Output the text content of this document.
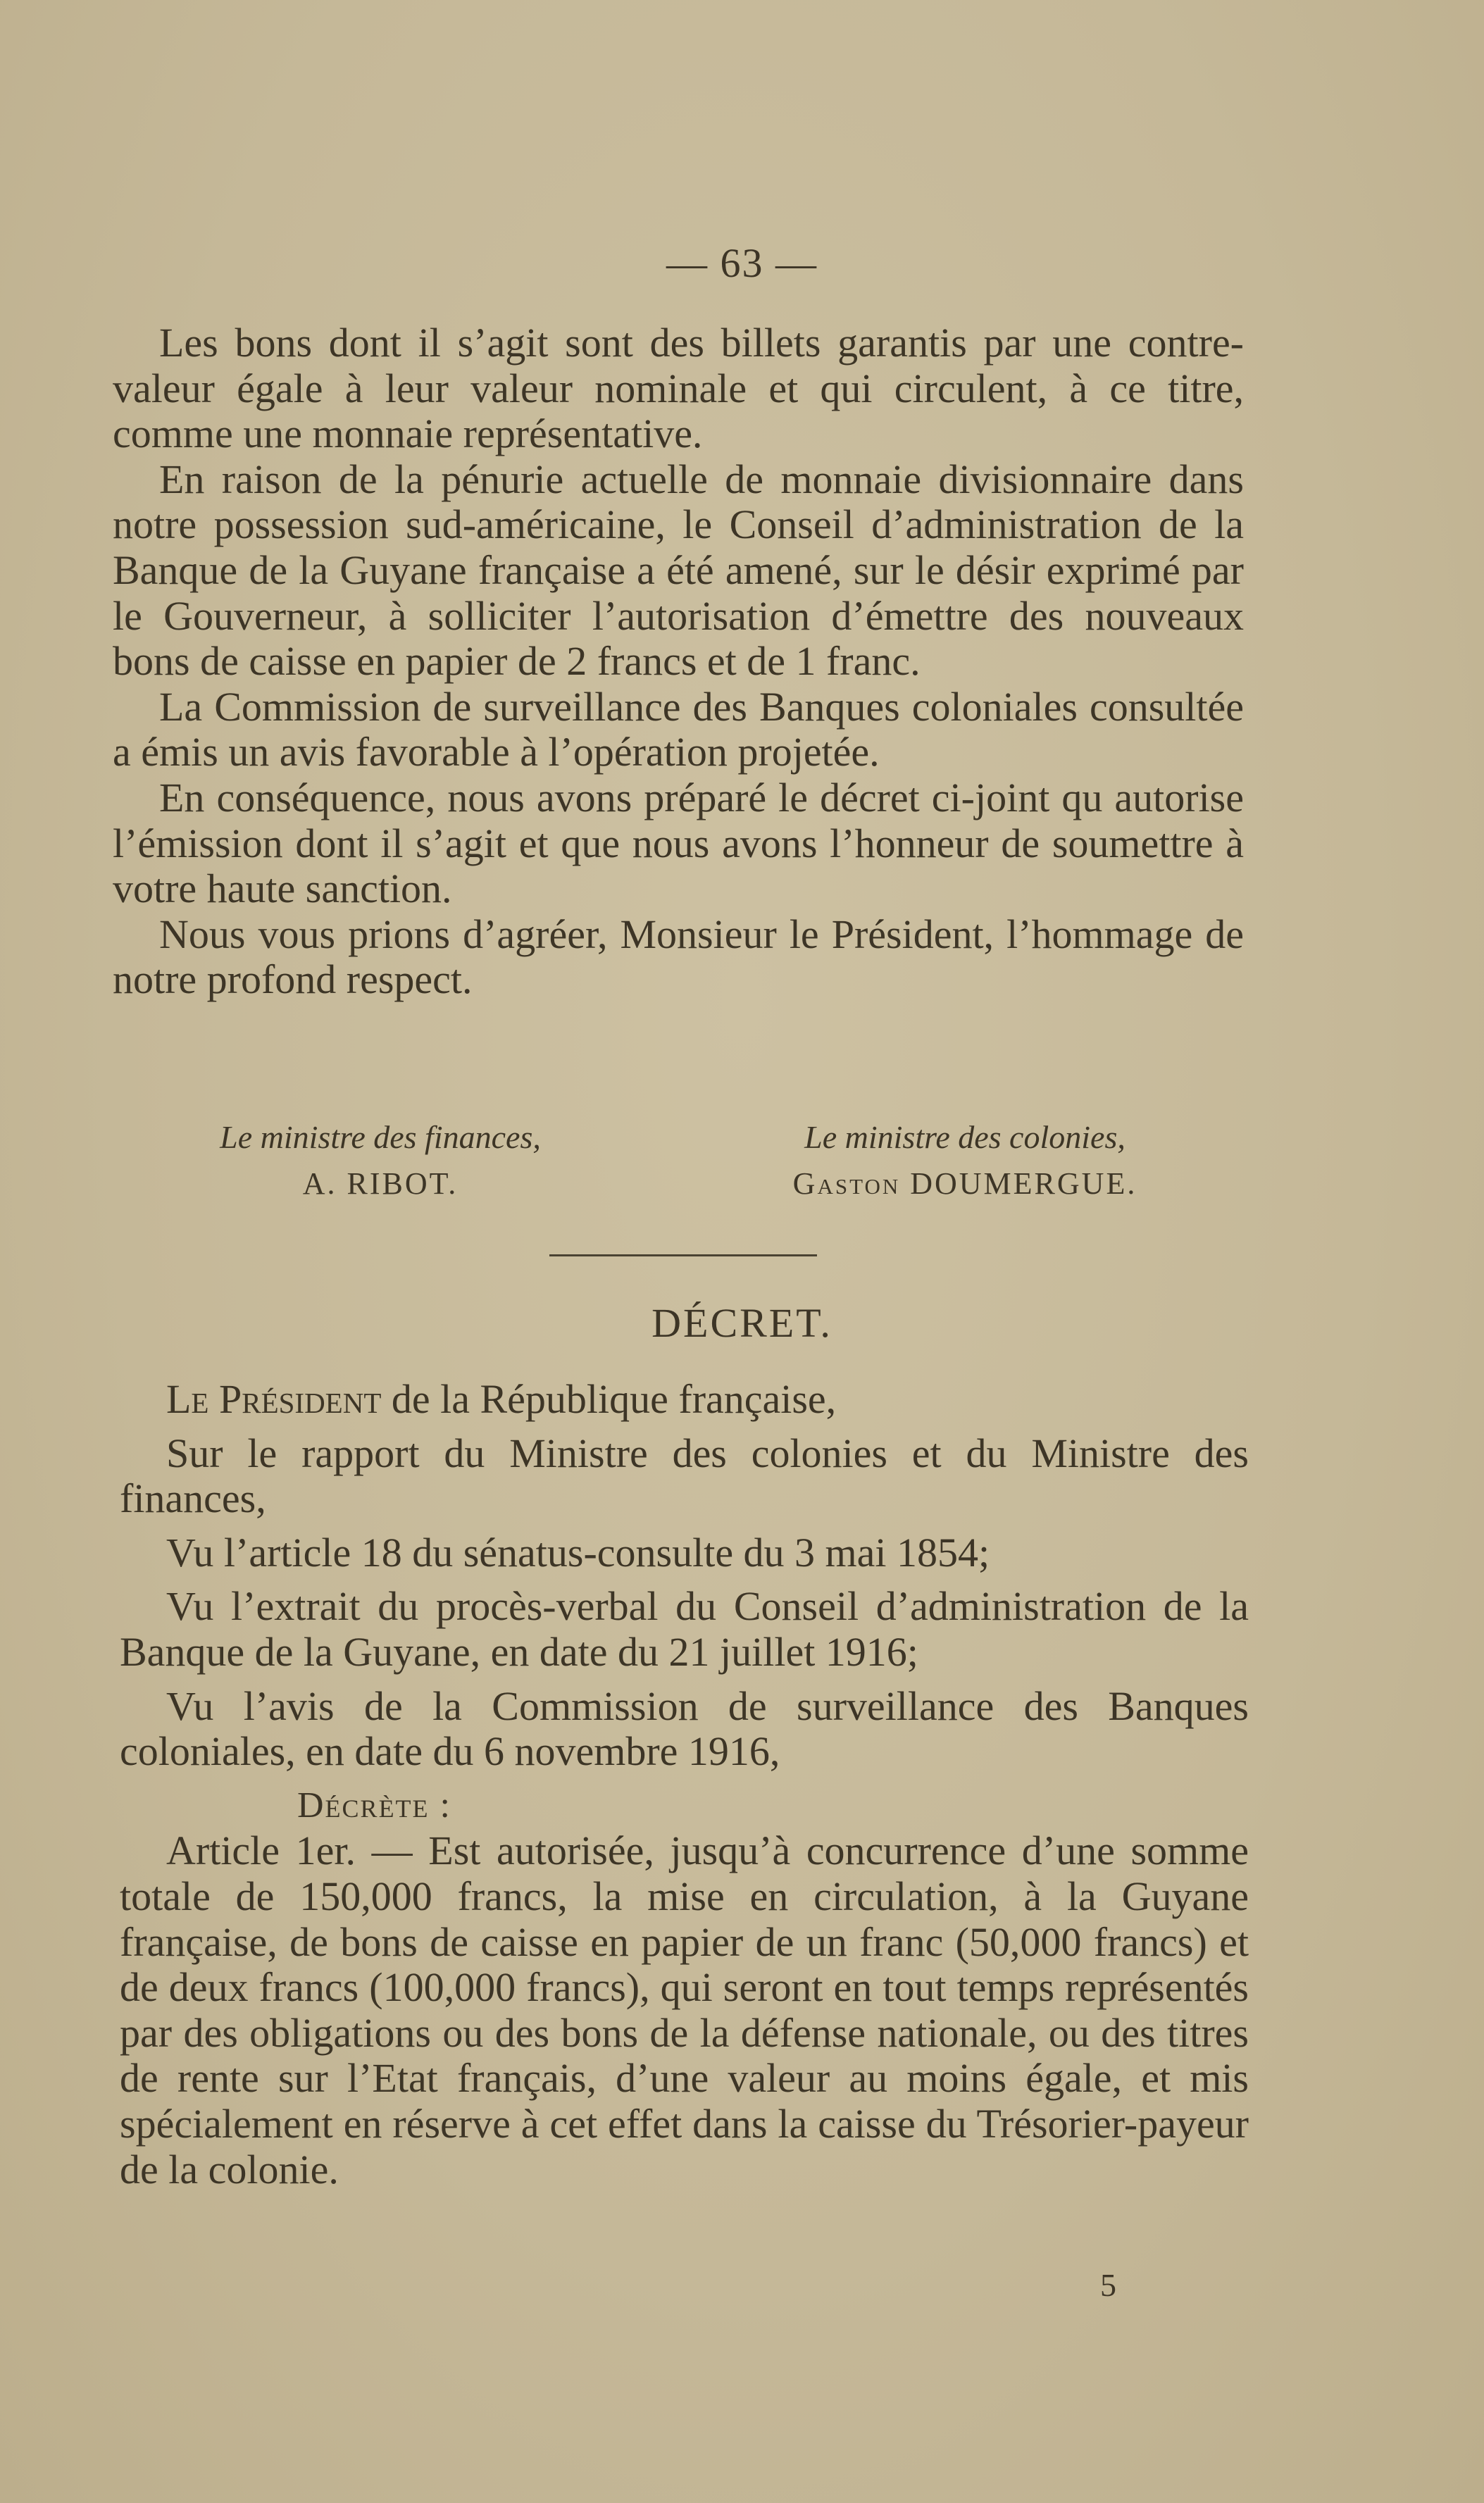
— 63 —

Les bons dont il s’agit sont des billets garantis par une contre-valeur égale à leur valeur nominale et qui circulent, à ce titre, comme une monnaie représentative.

En raison de la pénurie actuelle de monnaie divisionnaire dans notre possession sud-américaine, le Conseil d’administration de la Banque de la Guyane française a été amené, sur le désir exprimé par le Gouverneur, à solliciter l’autorisation d’émettre des nouveaux bons de caisse en papier de 2 francs et de 1 franc.

La Commission de surveillance des Banques coloniales consultée a émis un avis favorable à l’opération projetée.

En conséquence, nous avons préparé le décret ci-joint qu autorise l’émission dont il s’agit et que nous avons l’honneur de soumettre à votre haute sanction.

Nous vous prions d’agréer, Monsieur le Président, l’hommage de notre profond respect.

Le ministre des finances,
A. RIBOT.
Le ministre des colonies,
Gaston DOUMERGUE.
DÉCRET.

Le Président de la République française,

Sur le rapport du Ministre des colonies et du Ministre des finances,

Vu l’article 18 du sénatus-consulte du 3 mai 1854;

Vu l’extrait du procès-verbal du Conseil d’administration de la Banque de la Guyane, en date du 21 juillet 1916;

Vu l’avis de la Commission de surveillance des Banques coloniales, en date du 6 novembre 1916,

Décrète :

Article 1er. — Est autorisée, jusqu’à concurrence d’une somme totale de 150,000 francs, la mise en circulation, à la Guyane française, de bons de caisse en papier de un franc (50,000 francs) et de deux francs (100,000 francs), qui seront en tout temps représentés par des obligations ou des bons de la défense nationale, ou des titres de rente sur l’Etat français, d’une valeur au moins égale, et mis spécialement en réserve à cet effet dans la caisse du Trésorier-payeur de la colonie.

5
